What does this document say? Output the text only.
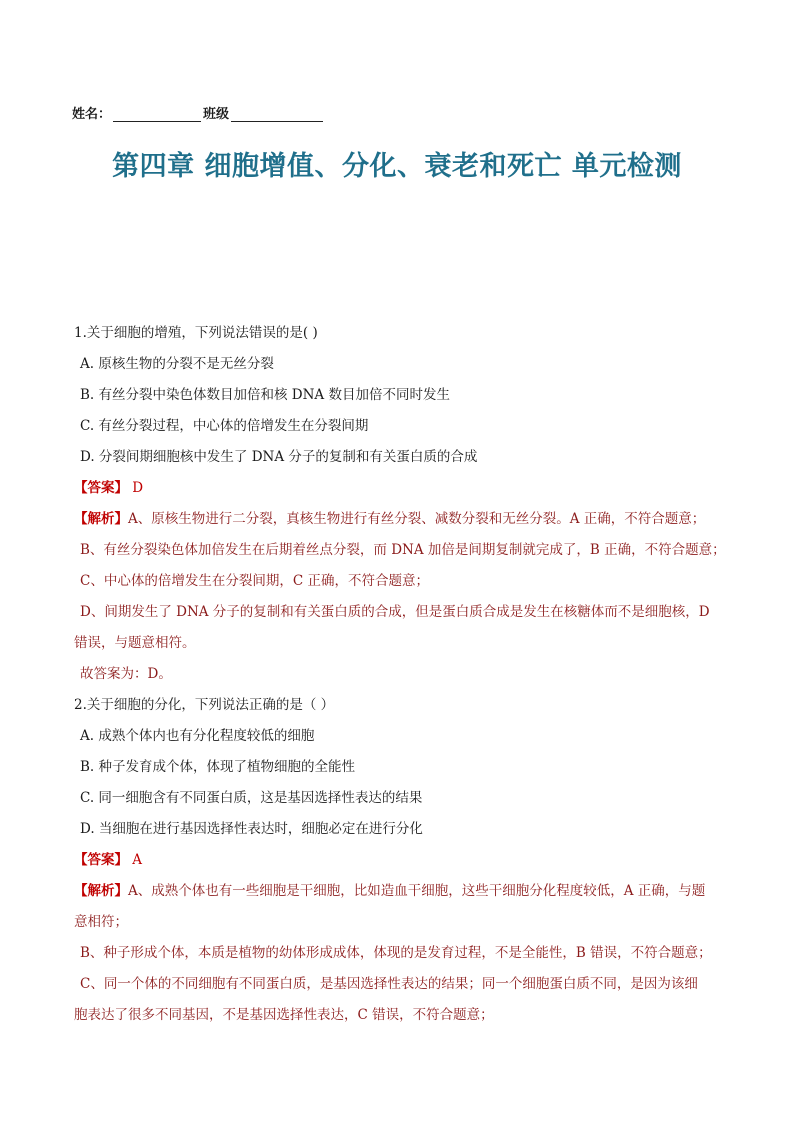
姓名：	班级
第四章 细胞增值、分化、衰老和死亡 单元检测
1.关于细胞的增殖，下列说法错误的是( )
A. 原核生物的分裂不是无丝分裂
B. 有丝分裂中染色体数目加倍和核 DNA 数目加倍不同时发生
C. 有丝分裂过程，中心体的倍增发生在分裂间期
D. 分裂间期细胞核中发生了 DNA 分子的复制和有关蛋白质的合成
【答案】 D
【解析】A、原核生物进行二分裂，真核生物进行有丝分裂、减数分裂和无丝分裂。A 正确，不符合题意；
B、有丝分裂染色体加倍发生在后期着丝点分裂，而 DNA 加倍是间期复制就完成了，B 正确，不符合题意；
C、中心体的倍增发生在分裂间期，C 正确，不符合题意；
D、间期发生了 DNA 分子的复制和有关蛋白质的合成，但是蛋白质合成是发生在核糖体而不是细胞核，D
错误，与题意相符。
故答案为：D。
2.关于细胞的分化，下列说法正确的是（ ）
A. 成熟个体内也有分化程度较低的细胞
B. 种子发育成个体，体现了植物细胞的全能性
C. 同一细胞含有不同蛋白质，这是基因选择性表达的结果
D. 当细胞在进行基因选择性表达时，细胞必定在进行分化
【答案】 A
【解析】A、成熟个体也有一些细胞是干细胞，比如造血干细胞，这些干细胞分化程度较低，A 正确，与题
意相符；
B、种子形成个体，本质是植物的幼体形成成体，体现的是发育过程，不是全能性，B 错误，不符合题意；
C、同一个体的不同细胞有不同蛋白质，是基因选择性表达的结果；同一个细胞蛋白质不同，是因为该细
胞表达了很多不同基因，不是基因选择性表达，C 错误，不符合题意；
